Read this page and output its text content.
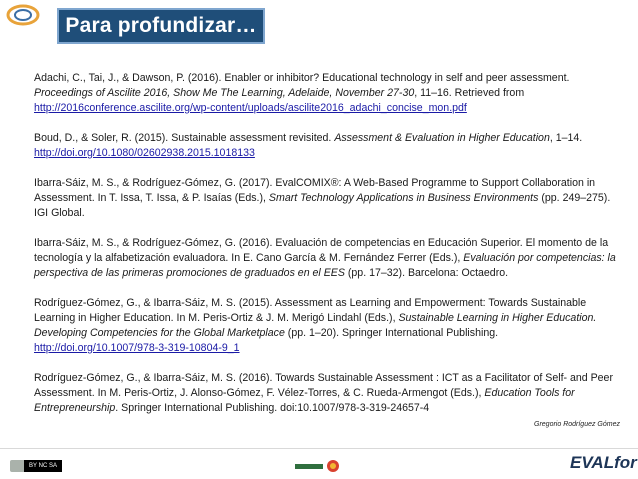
Para profundizar…

Adachi, C., Tai, J., & Dawson, P. (2016). Enabler or inhibitor? Educational technology in self and peer assessment. Proceedings of Ascilite 2016, Show Me The Learning, Adelaide, November 27-30, 11–16. Retrieved from http://2016conference.ascilite.org/wp-content/uploads/ascilite2016_adachi_concise_mon.pdf

Boud, D., & Soler, R. (2015). Sustainable assessment revisited. Assessment & Evaluation in Higher Education, 1–14. http://doi.org/10.1080/02602938.2015.1018133

Ibarra-Sáiz, M. S., & Rodríguez-Gómez, G. (2017). EvalCOMIX®: A Web-Based Programme to Support Collaboration in Assessment. In T. Issa, T. Issa, & P. Isaías (Eds.), Smart Technology Applications in Business Environments (pp. 249–275). IGI Global.

Ibarra-Sáiz, M. S., & Rodríguez-Gómez, G. (2016). Evaluación de competencias en Educación Superior. El momento de la tecnología y la alfabetización evaluadora. In E. Cano García & M. Fernández Ferrer (Eds.), Evaluación por competencias: la perspectiva de las primeras promociones de graduados en el EES (pp. 17–32). Barcelona: Octaedro.

Rodríguez-Gómez, G., & Ibarra-Sáiz, M. S. (2015). Assessment as Learning and Empowerment: Towards Sustainable Learning in Higher Education. In M. Peris-Ortiz & J. M. Merigó Lindahl (Eds.), Sustainable Learning in Higher Education. Developing Competencies for the Global Marketplace (pp. 1–20). Springer International Publishing. http://doi.org/10.1007/978-3-319-10804-9_1

Rodríguez-Gómez, G., & Ibarra-Sáiz, M. S. (2016). Towards Sustainable Assessment : ICT as a Facilitator of Self- and Peer Assessment. In M. Peris-Ortiz, J. Alonso-Gómez, F. Vélez-Torres, & C. Rueda-Armengot (Eds.), Education Tools for Entrepreneurship. Springer International Publishing. doi:10.1007/978-3-319-24657-4

Gregorio Rodríguez Gómez
BY NC SA	EVALfor
